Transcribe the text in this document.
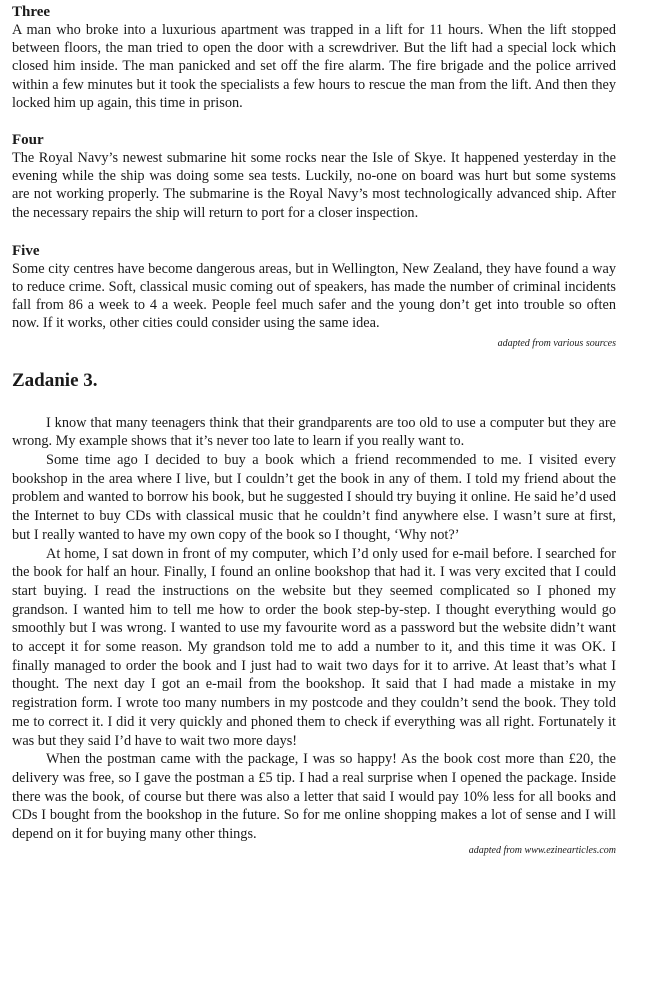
Three

A man who broke into a luxurious apartment was trapped in a lift for 11 hours. When the lift stopped between floors, the man tried to open the door with a screwdriver. But the lift had a special lock which closed him inside. The man panicked and set off the fire alarm. The fire brigade and the police arrived within a few minutes but it took the specialists a few hours to rescue the man from the lift. And then they locked him up again, this time in prison.

Four

The Royal Navy’s newest submarine hit some rocks near the Isle of Skye. It happened yesterday in the evening while the ship was doing some sea tests. Luckily, no-one on board was hurt but some systems are not working properly. The submarine is the Royal Navy’s most technologically advanced ship. After the necessary repairs the ship will return to port for a closer inspection.

Five

Some city centres have become dangerous areas, but in Wellington, New Zealand, they have found a way to reduce crime. Soft, classical music coming out of speakers, has made the number of criminal incidents fall from 86 a week to 4 a week. People feel much safer and the young don’t get into trouble so often now. If it works, other cities could consider using the same idea.

adapted from various sources
Zadanie 3.

I know that many teenagers think that their grandparents are too old to use a computer but they are wrong. My example shows that it’s never too late to learn if you really want to.

Some time ago I decided to buy a book which a friend recommended to me. I visited every bookshop in the area where I live, but I couldn’t get the book in any of them. I told my friend about the problem and wanted to borrow his book, but he suggested I should try buying it online. He said he’d used the Internet to buy CDs with classical music that he couldn’t find anywhere else. I wasn’t sure at first, but I really wanted to have my own copy of the book so I thought, ‘Why not?’

At home, I sat down in front of my computer, which I’d only used for e-mail before. I searched for the book for half an hour. Finally, I found an online bookshop that had it. I was very excited that I could start buying. I read the instructions on the website but they seemed complicated so I phoned my grandson. I wanted him to tell me how to order the book step-by-step. I thought everything would go smoothly but I was wrong. I wanted to use my favourite word as a password but the website didn’t want to accept it for some reason. My grandson told me to add a number to it, and this time it was OK. I finally managed to order the book and I just had to wait two days for it to arrive. At least that’s what I thought. The next day I got an e-mail from the bookshop. It said that I had made a mistake in my registration form. I wrote too many numbers in my postcode and they couldn’t send the book. They told me to correct it. I did it very quickly and phoned them to check if everything was all right. Fortunately it was but they said I’d have to wait two more days!

When the postman came with the package, I was so happy! As the book cost more than £20, the delivery was free, so I gave the postman a £5 tip. I had a real surprise when I opened the package. Inside there was the book, of course but there was also a letter that said I would pay 10% less for all books and CDs I bought from the bookshop in the future. So for me online shopping makes a lot of sense and I will depend on it for buying many other things.

adapted from www.ezinearticles.com
